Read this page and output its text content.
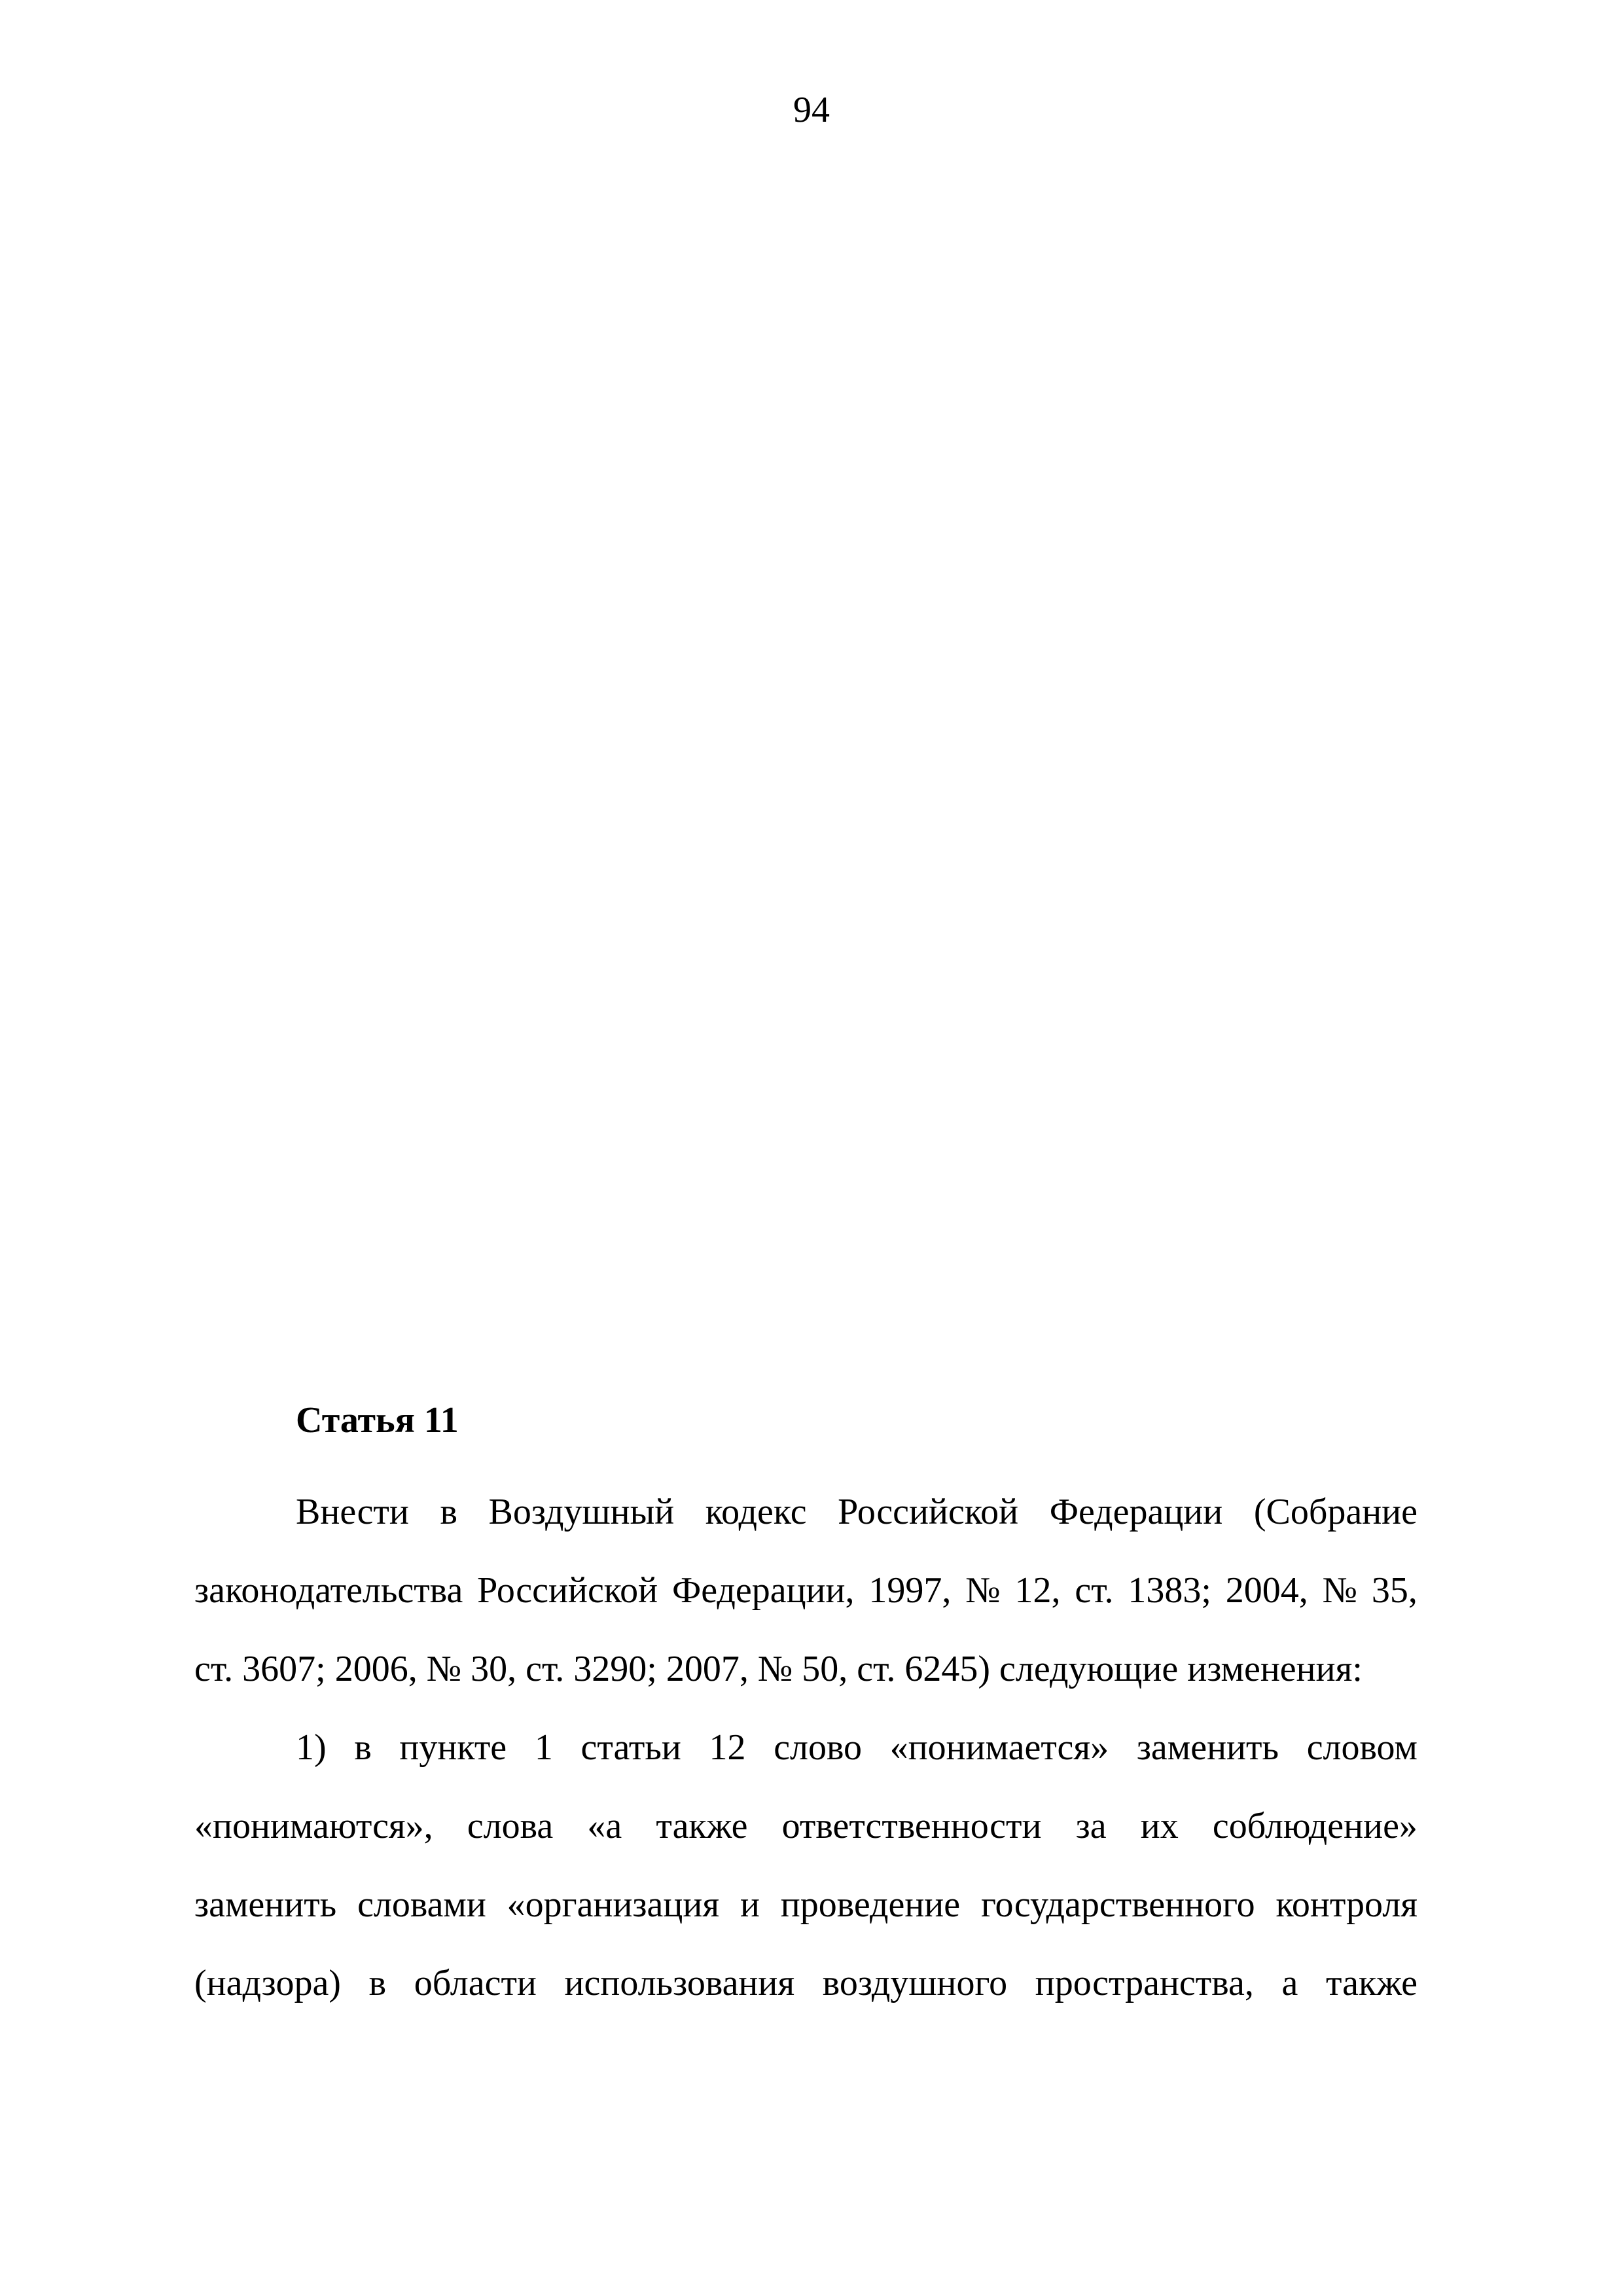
94
Статья 11
Внести в Воздушный кодекс Российской Федерации (Собрание
законодательства Российской Федерации, 1997, № 12, ст. 1383; 2004, № 35,
ст. 3607; 2006, № 30, ст. 3290; 2007, № 50, ст. 6245) следующие изменения:
1) в пункте 1 статьи 12 слово «понимается» заменить словом
«понимаются», слова «а также ответственности за их соблюдение»
заменить словами «организация и проведение государственного контроля
(надзора) в области использования воздушного пространства, а также
